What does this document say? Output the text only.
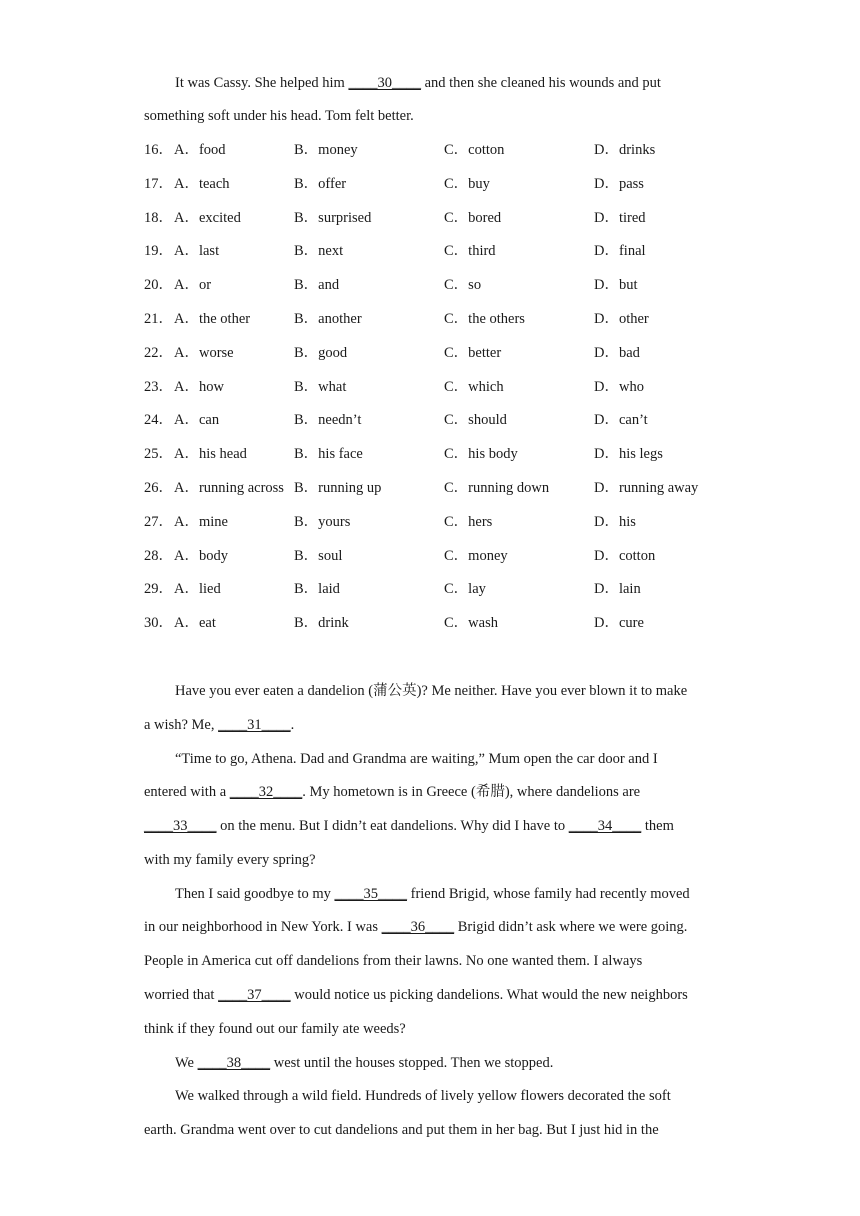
It was Cassy. She helped him ____30____ and then she cleaned his wounds and put
something soft under his head. Tom felt better.
16． A．food	B．money	C．cotton	D．drinks
17． A．teach	B．offer	C．buy	D．pass
18． A．excited	B．surprised	C．bored	D．tired
19． A．last	B．next	C．third	D．final
20． A．or	B．and	C．so	D．but
21． A．the other	B．another	C．the others	D．other
22． A．worse	B．good	C．better	D．bad
23． A．how	B．what	C．which	D．who
24． A．can	B．needn’t	C．should	D．can’t
25． A．his head	B．his face	C．his body	D．his legs
26． A．running across B．running up	C．running down	D．running away
27． A．mine	B．yours	C．hers	D．his
28． A．body	B．soul	C．money	D．cotton
29． A．lied	B．laid	C．lay	D．lain
30． A．eat	B．drink	C．wash	D．cure
Have you ever eaten a dandelion (蒲公英)? Me neither. Have you ever blown it to make
a wish? Me, ____31____.
“Time to go, Athena. Dad and Grandma are waiting,” Mum open the car door and I
entered with a ____32____. My hometown is in Greece (希腊), where dandelions are
____33____ on the menu. But I didn’t eat dandelions. Why did I have to ____34____ them
with my family every spring?
Then I said goodbye to my ____35____ friend Brigid, whose family had recently moved
in our neighborhood in New York. I was ____36____ Brigid didn’t ask where we were going.
People in America cut off dandelions from their lawns. No one wanted them. I always
worried that ____37____ would notice us picking dandelions. What would the new neighbors
think if they found out our family ate weeds?
We ____38____ west until the houses stopped. Then we stopped.
We walked through a wild field. Hundreds of lively yellow flowers decorated the soft
earth. Grandma went over to cut dandelions and put them in her bag. But I just hid in the
